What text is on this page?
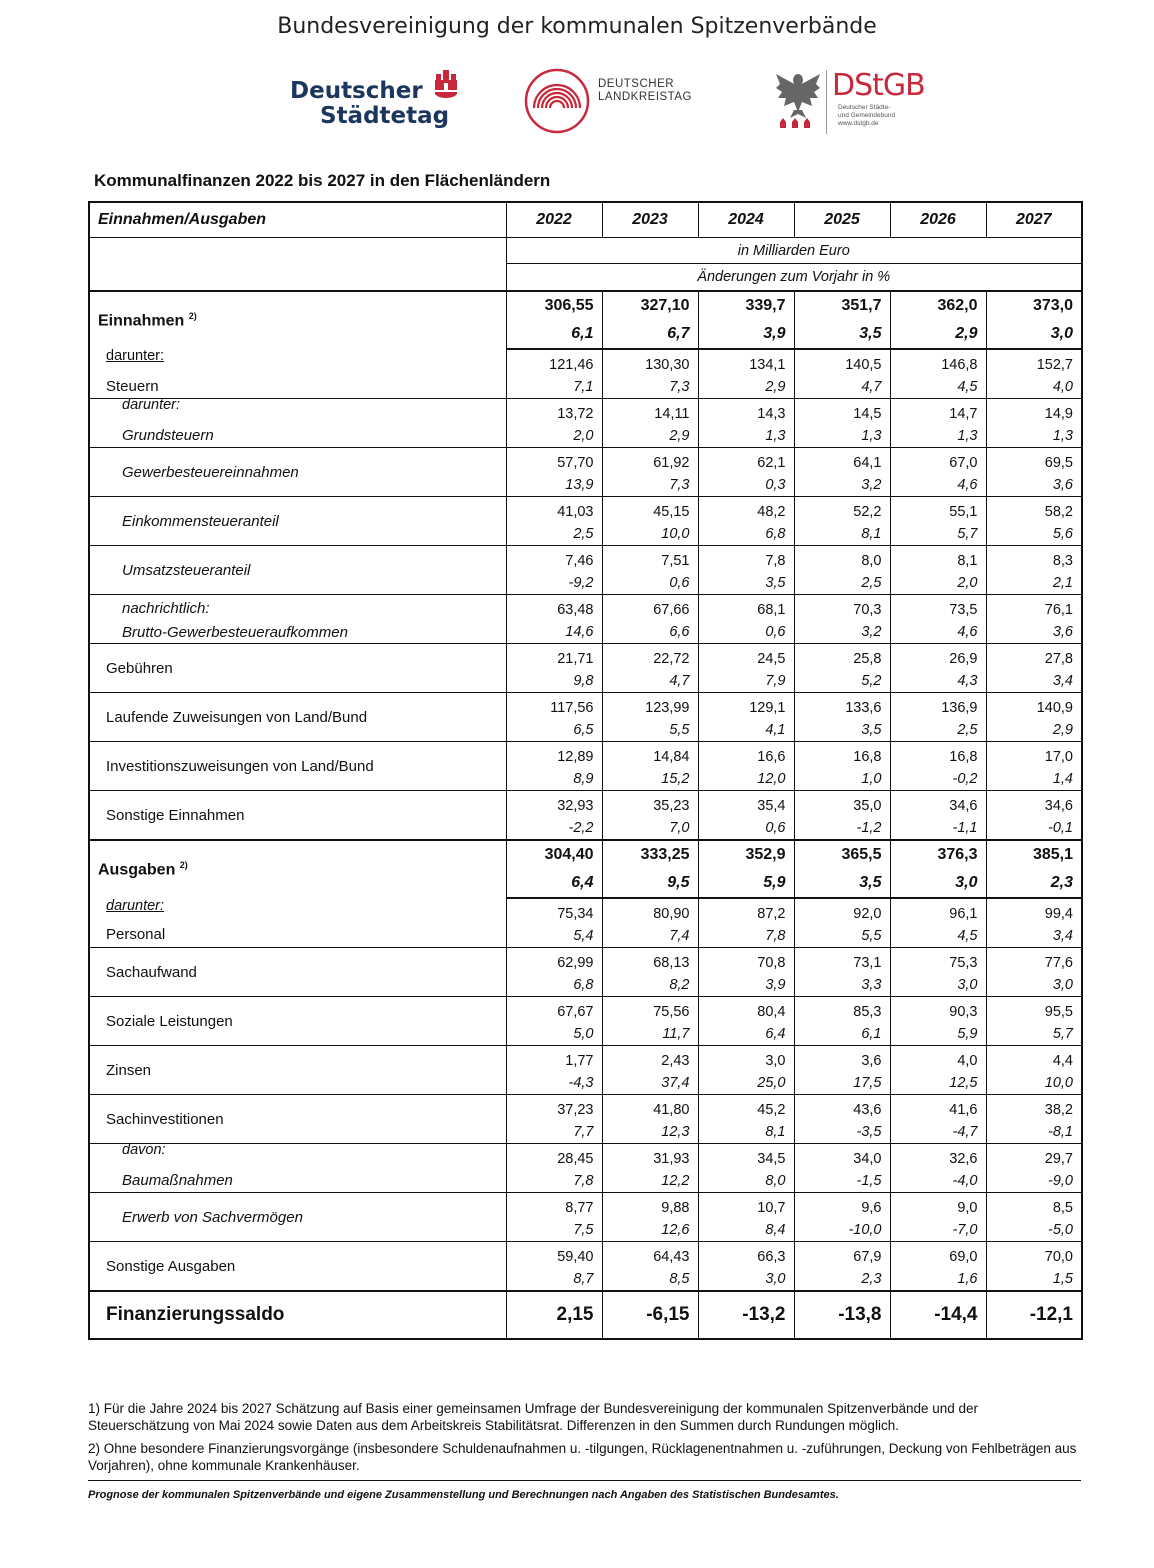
Bundesvereinigung der kommunalen Spitzenverbände
Deutscher
Städtetag
DEUTSCHER
LANDKREISTAG	DStGB
Deutscher Städte-
und Gemeindebund
www.dstgb.de
Kommunalfinanzen 2022 bis 2027 in den Flächenländern
Einnahmen/Ausgaben	2022	2023	2024	2025	2026	2027
	in Milliarden Euro					
	Änderungen zum Vorjahr in %					
Einnahmen $^{2)}$	306,55	327,10	339,7	351,7	362,0	373,0
	6,1	6,7	3,9	3,5	2,9	3,0

darunter:
Steuern	121,46	130,30	134,1	140,5	146,8	152,7
	7,1	7,3	2,9	4,7	4,5	4,0

darunter:
Grundsteuern	13,72	14,11	14,3	14,5	14,7	14,9
	2,0	2,9	1,3	1,3	1,3	1,3
Gewerbesteuereinnahmen	57,70	61,92	62,1	64,1	67,0	69,5
	13,9	7,3	0,3	3,2	4,6	3,6
Einkommensteueranteil	41,03	45,15	48,2	52,2	55,1	58,2
	2,5	10,0	6,8	8,1	5,7	5,6
Umsatzsteueranteil	7,46	7,51	7,8	8,0	8,1	8,3
	-9,2	0,6	3,5	2,5	2,0	2,1
nachrichtlich:	63,48	67,66	68,1	70,3	73,5	76,1
Brutto-Gewerbesteueraufkommen	14,6	6,6	0,6	3,2	4,6	3,6
Gebühren	21,71	22,72	24,5	25,8	26,9	27,8
	9,8	4,7	7,9	5,2	4,3	3,4
Laufende Zuweisungen von Land/Bund	117,56	123,99	129,1	133,6	136,9	140,9
	6,5	5,5	4,1	3,5	2,5	2,9
Investitionszuweisungen von Land/Bund	12,89	14,84	16,6	16,8	16,8	17,0
	8,9	15,2	12,0	1,0	-0,2	1,4
Sonstige Einnahmen	32,93	35,23	35,4	35,0	34,6	34,6
	-2,2	7,0	0,6	-1,2	-1,1	-0,1
Ausgaben $^{2)}$	304,40	333,25	352,9	365,5	376,3	385,1
	6,4	9,5	5,9	3,5	3,0	2,3

darunter:
Personal	75,34	80,90	87,2	92,0	96,1	99,4
	5,4	7,4	7,8	5,5	4,5	3,4
Sachaufwand	62,99	68,13	70,8	73,1	75,3	77,6
	6,8	8,2	3,9	3,3	3,0	3,0
Soziale Leistungen	67,67	75,56	80,4	85,3	90,3	95,5
	5,0	11,7	6,4	6,1	5,9	5,7
Zinsen	1,77	2,43	3,0	3,6	4,0	4,4
	-4,3	37,4	25,0	17,5	12,5	10,0
Sachinvestitionen	37,23	41,80	45,2	43,6	41,6	38,2
	7,7	12,3	8,1	-3,5	-4,7	-8,1

davon:
Baumaßnahmen	28,45	31,93	34,5	34,0	32,6	29,7
	7,8	12,2	8,0	-1,5	-4,0	-9,0
Erwerb von Sachvermögen	8,77	9,88	10,7	9,6	9,0	8,5
	7,5	12,6	8,4	-10,0	-7,0	-5,0
Sonstige Ausgaben	59,40	64,43	66,3	67,9	69,0	70,0
	8,7	8,5	3,0	2,3	1,6	1,5
Finanzierungssaldo	2,15	-6,15	-13,2	-13,8	-14,4	-12,1

1) Für die Jahre 2024 bis 2027 Schätzung auf Basis einer gemeinsamen Umfrage der Bundesvereinigung der kommunalen Spitzenverbände und der Steuerschätzung von Mai 2024 sowie Daten aus dem Arbeitskreis Stabilitätsrat. Differenzen in den Summen durch Rundungen möglich.

2) Ohne besondere Finanzierungsvorgänge (insbesondere Schuldenaufnahmen u. -tilgungen, Rücklagenentnahmen u. -zuführungen, Deckung von Fehlbeträgen aus Vorjahren), ohne kommunale Krankenhäuser.

Prognose der kommunalen Spitzenverbände und eigene Zusammenstellung und Berechnungen nach Angaben des Statistischen Bundesamtes.
